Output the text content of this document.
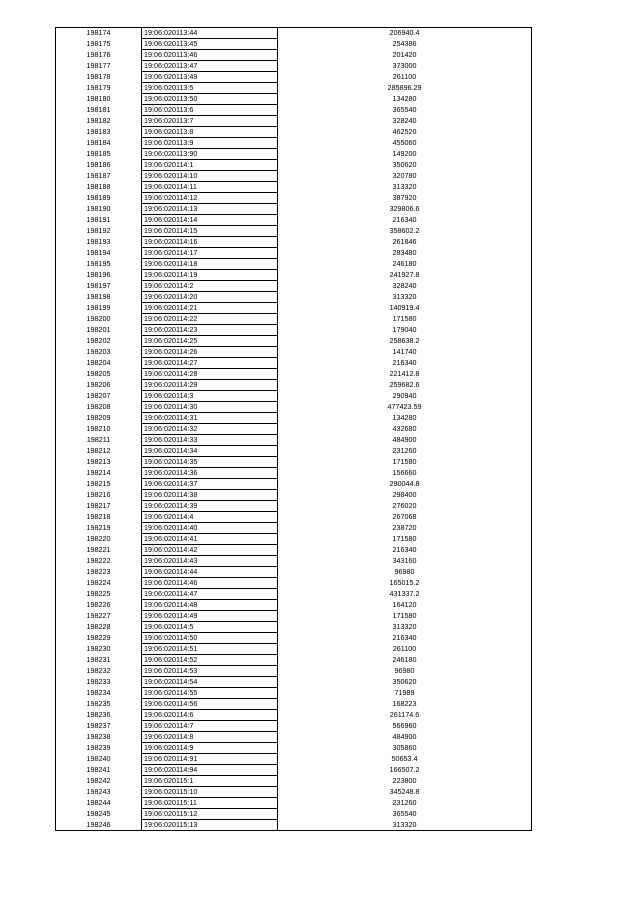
198174	19:06:020113:44	206940.4
198175	19:06:020113:45	254386
198176	19:06:020113:46	201420
198177	19:06:020113:47	373000
198178	19:06:020113:49	261100
198179	19:06:020113:5	285896.29
198180	19:06:020113:50	134280
198181	19:06:020113:6	365540
198182	19:06:020113:7	328240
198183	19:06:020113:8	462520
198184	19:06:020113:9	455060
198185	19:06:020113:90	149200
198186	19:06:020114:1	350620
198187	19:06:020114:10	320780
198188	19:06:020114:11	313320
198189	19:06:020114:12	387920
198190	19:06:020114:13	329806.6
198191	19:06:020114:14	216340
198192	19:06:020114:15	358602.2
198193	19:06:020114:16	261846
198194	19:06:020114:17	283480
198195	19:06:020114:18	246180
198196	19:06:020114:19	241927.8
198197	19:06:020114:2	328240
198198	19:06:020114:20	313320
198199	19:06:020114:21	140919.4
198200	19:06:020114:22	171580
198201	19:06:020114:23	179040
198202	19:06:020114:25	258638.2
198203	19:06:020114:26	141740
198204	19:06:020114:27	216340
198205	19:06:020114:28	221412.8
198206	19:06:020114:29	259682.6
198207	19:06:020114:3	290940
198208	19:06:020114:30	477423.59
198209	19:06:020114:31	134280
198210	19:06:020114:32	432680
198211	19:06:020114:33	484900
198212	19:06:020114:34	231260
198213	19:06:020114:35	171580
198214	19:06:020114:36	156660
198215	19:06:020114:37	290044.8
198216	19:06:020114:38	298400
198217	19:06:020114:39	276020
198218	19:06:020114:4	267068
198219	19:06:020114:40	238720
198220	19:06:020114:41	171580
198221	19:06:020114:42	216340
198222	19:06:020114:43	343160
198223	19:06:020114:44	96980
198224	19:06:020114:46	165015.2
198225	19:06:020114:47	431337.2
198226	19:06:020114:48	164120
198227	19:06:020114:49	171580
198228	19:06:020114:5	313320
198229	19:06:020114:50	216340
198230	19:06:020114:51	261100
198231	19:06:020114:52	246180
198232	19:06:020114:53	96980
198233	19:06:020114:54	350620
198234	19:06:020114:55	71989
198235	19:06:020114:56	168223
198236	19:06:020114:6	261174.6
198237	19:06:020114:7	566960
198238	19:06:020114:8	484900
198239	19:06:020114:9	305860
198240	19:06:020114:91	50653.4
198241	19:06:020114:94	166507.2
198242	19:06:020115:1	223800
198243	19:06:020115:10	345248.8
198244	19:06:020115:11	231260
198245	19:06:020115:12	365540
198246	19:06:020115:13	313320
